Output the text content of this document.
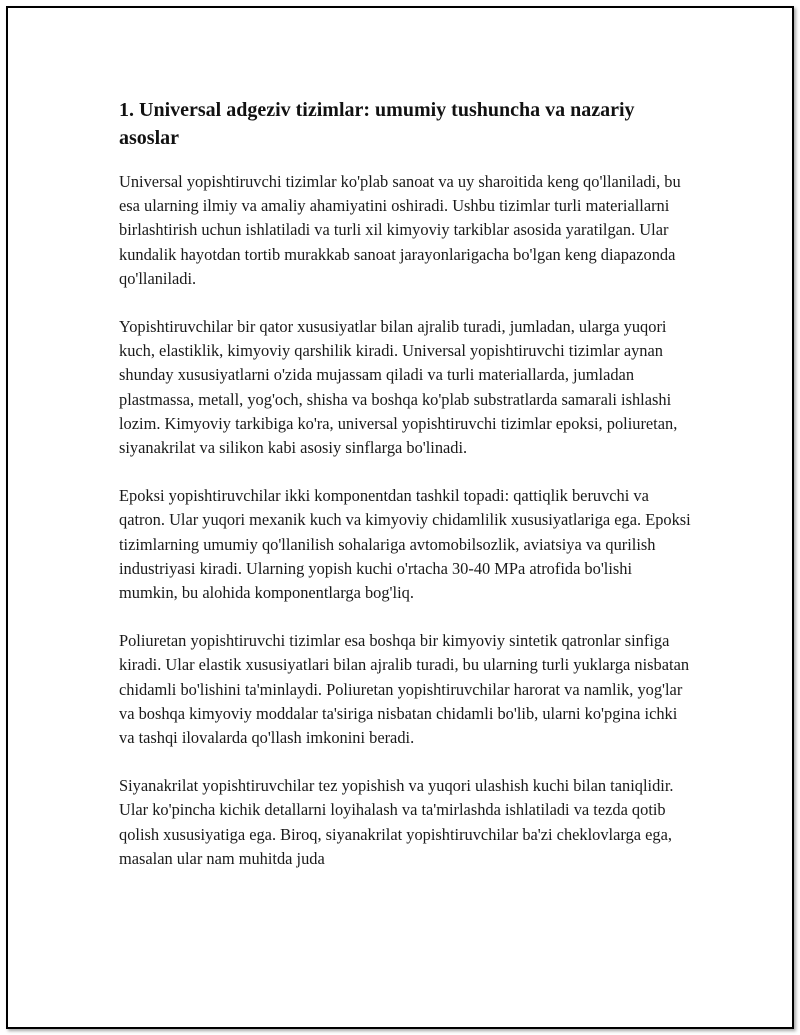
1. Universal adgeziv tizimlar: umumiy tushuncha va nazariy asoslar

Universal yopishtiruvchi tizimlar ko'plab sanoat va uy sharoitida keng qo'llaniladi, bu esa ularning ilmiy va amaliy ahamiyatini oshiradi. Ushbu tizimlar turli materiallarni birlashtirish uchun ishlatiladi va turli xil kimyoviy tarkiblar asosida yaratilgan. Ular kundalik hayotdan tortib murakkab sanoat jarayonlarigacha bo'lgan keng diapazonda qo'llaniladi.

Yopishtiruvchilar bir qator xususiyatlar bilan ajralib turadi, jumladan, ularga yuqori kuch, elastiklik, kimyoviy qarshilik kiradi. Universal yopishtiruvchi tizimlar aynan shunday xususiyatlarni o'zida mujassam qiladi va turli materiallarda, jumladan plastmassa, metall, yog'och, shisha va boshqa ko'plab substratlarda samarali ishlashi lozim. Kimyoviy tarkibiga ko'ra, universal yopishtiruvchi tizimlar epoksi, poliuretan, siyanakrilat va silikon kabi asosiy sinflarga bo'linadi.

Epoksi yopishtiruvchilar ikki komponentdan tashkil topadi: qattiqlik beruvchi va qatron. Ular yuqori mexanik kuch va kimyoviy chidamlilik xususiyatlariga ega. Epoksi tizimlarning umumiy qo'llanilish sohalariga avtomobilsozlik, aviatsiya va qurilish industriyasi kiradi. Ularning yopish kuchi o'rtacha 30-40 MPa atrofida bo'lishi mumkin, bu alohida komponentlarga bog'liq.

Poliuretan yopishtiruvchi tizimlar esa boshqa bir kimyoviy sintetik qatronlar sinfiga kiradi. Ular elastik xususiyatlari bilan ajralib turadi, bu ularning turli yuklarga nisbatan chidamli bo'lishini ta'minlaydi. Poliuretan yopishtiruvchilar harorat va namlik, yog'lar va boshqa kimyoviy moddalar ta'siriga nisbatan chidamli bo'lib, ularni ko'pgina ichki va tashqi ilovalarda qo'llash imkonini beradi.

Siyanakrilat yopishtiruvchilar tez yopishish va yuqori ulashish kuchi bilan taniqlidir. Ular ko'pincha kichik detallarni loyihalash va ta'mirlashda ishlatiladi va tezda qotib qolish xususiyatiga ega. Biroq, siyanakrilat yopishtiruvchilar ba'zi cheklovlarga ega, masalan ular nam muhitda juda
